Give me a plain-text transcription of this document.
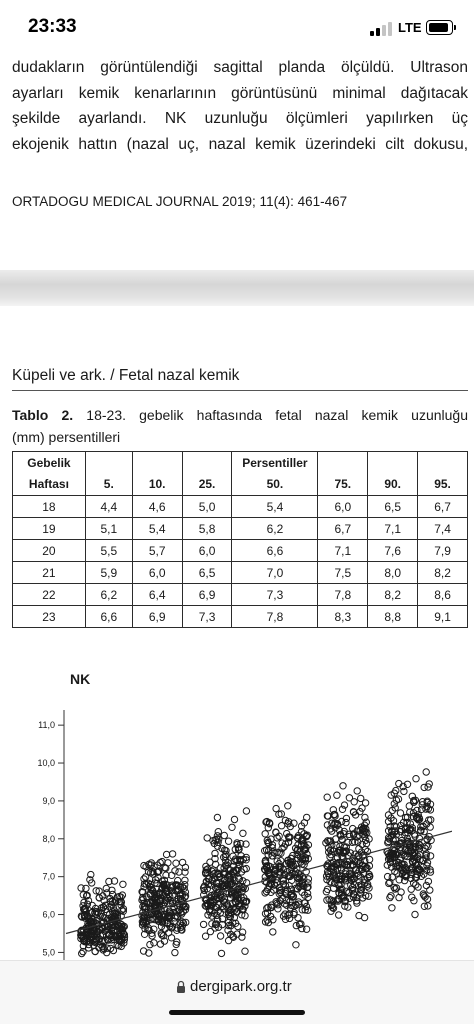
23:33	LTE
dudakların görüntülendiği sagittal planda ölçüldü. Ultrason
ayarları kemik kenarlarının görüntüsünü minimal dağıtacak
şekilde ayarlandı. NK uzunluğu ölçümleri yapılırken üç
ekojenik hattın (nazal uç, nazal kemik üzerindeki cilt dokusu,
ORTADOGU MEDICAL JOURNAL 2019; 11(4): 461-467
Küpeli ve ark. / Fetal nazal kemik
Tablo 2. 18-23. gebelik haftasında fetal nazal kemik uzunluğu
(mm) persentilleri
Gebelik				Persentiller			
Haftası	5.	10.	25.	50.	75.	90.	95.
18	4,4	4,6	5,0	5,4	6,0	6,5	6,7
19	5,1	5,4	5,8	6,2	6,7	7,1	7,4
20	5,5	5,7	6,0	6,6	7,1	7,6	7,9
21	5,9	6,0	6,5	7,0	7,5	8,0	8,2
22	6,2	6,4	6,9	7,3	7,8	8,2	8,6
23	6,6	6,9	7,3	7,8	8,3	8,8	9,1
NK
11,0
10,0
9,0
8,0
7,0
6,0
5,0
dergipark.org.tr
